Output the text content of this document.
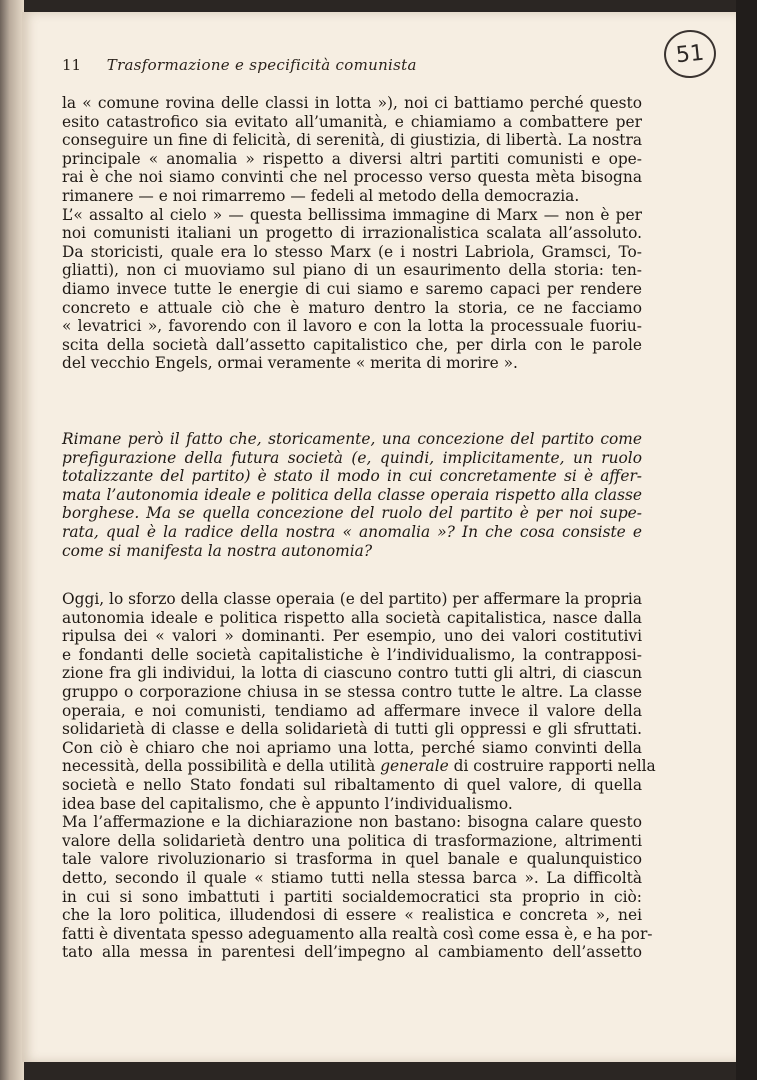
11 Trasformazione e specificità comunista	51
la « comune rovina delle classi in lotta »), noi ci battiamo perché questo
esito catastrofico sia evitato all’umanità, e chiamiamo a combattere per
conseguire un fine di felicità, di serenità, di giustizia, di libertà. La nostra
principale « anomalia » rispetto a diversi altri partiti comunisti e ope-
rai è che noi siamo convinti che nel processo verso questa mèta bisogna
rimanere — e noi rimarremo — fedeli al metodo della democrazia.
L’« assalto al cielo » — questa bellissima immagine di Marx — non è per
noi comunisti italiani un progetto di irrazionalistica scalata all’assoluto.
Da storicisti, quale era lo stesso Marx (e i nostri Labriola, Gramsci, To-
gliatti), non ci muoviamo sul piano di un esaurimento della storia: ten-
diamo invece tutte le energie di cui siamo e saremo capaci per rendere
concreto e attuale ciò che è maturo dentro la storia, ce ne facciamo
« levatrici », favorendo con il lavoro e con la lotta la processuale fuoriu-
scita della società dall’assetto capitalistico che, per dirla con le parole
del vecchio Engels, ormai veramente « merita di morire ».
Rimane però il fatto che, storicamente, una concezione del partito come
prefigurazione della futura società (e, quindi, implicitamente, un ruolo
totalizzante del partito) è stato il modo in cui concretamente si è affer-
mata l’autonomia ideale e politica della classe operaia rispetto alla classe
borghese. Ma se quella concezione del ruolo del partito è per noi supe-
rata, qual è la radice della nostra « anomalia »? In che cosa consiste e
come si manifesta la nostra autonomia?
Oggi, lo sforzo della classe operaia (e del partito) per affermare la propria
autonomia ideale e politica rispetto alla società capitalistica, nasce dalla
ripulsa dei « valori » dominanti. Per esempio, uno dei valori costitutivi
e fondanti delle società capitalistiche è l’individualismo, la contrapposi-
zione fra gli individui, la lotta di ciascuno contro tutti gli altri, di ciascun
gruppo o corporazione chiusa in se stessa contro tutte le altre. La classe
operaia, e noi comunisti, tendiamo ad affermare invece il valore della
solidarietà di classe e della solidarietà di tutti gli oppressi e gli sfruttati.
Con ciò è chiaro che noi apriamo una lotta, perché siamo convinti della
necessità, della possibilità e della utilità generale di costruire rapporti nella
società e nello Stato fondati sul ribaltamento di quel valore, di quella
idea base del capitalismo, che è appunto l’individualismo.
Ma l’affermazione e la dichiarazione non bastano: bisogna calare questo
valore della solidarietà dentro una politica di trasformazione, altrimenti
tale valore rivoluzionario si trasforma in quel banale e qualunquistico
detto, secondo il quale « stiamo tutti nella stessa barca ». La difficoltà
in cui si sono imbattuti i partiti socialdemocratici sta proprio in ciò:
che la loro politica, illudendosi di essere « realistica e concreta », nei
fatti è diventata spesso adeguamento alla realtà così come essa è, e ha por-
tato alla messa in parentesi dell’impegno al cambiamento dell’assetto
